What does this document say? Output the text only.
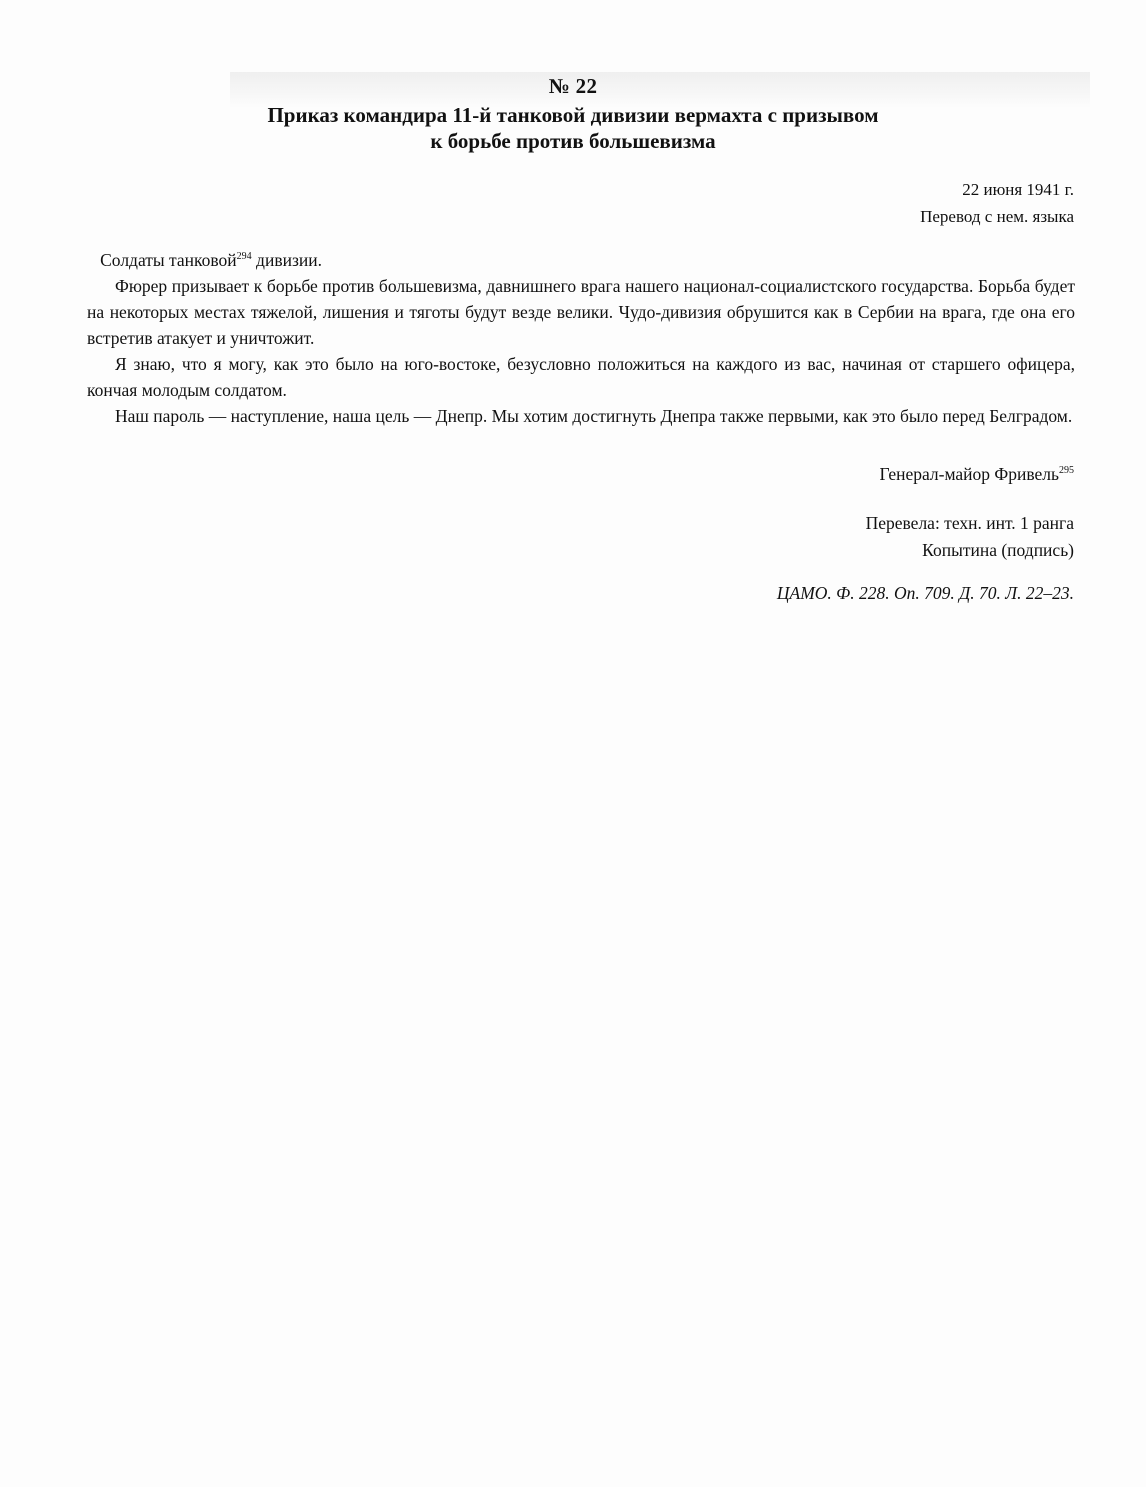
№ 22
Приказ командира 11-й танковой дивизии вермахта с призывом
к борьбе против большевизма
22 июня 1941 г.
Перевод с нем. языка

Солдаты танковой$^{294}$ дивизии.

Фюрер призывает к борьбе против большевизма, давнишнего врага нашего национал-социалистского государства. Борьба будет на некоторых местах тяжелой, лишения и тяготы будут везде велики. Чудо-дивизия обрушится как в Сербии на врага, где она его встретив атакует и уничтожит.

Я знаю, что я могу, как это было на юго-востоке, безусловно положиться на каждого из вас, начиная от старшего офицера, кончая молодым солдатом.

Наш пароль — наступление, наша цель — Днепр. Мы хотим достигнуть Днепра также первыми, как это было перед Белградом.

Генерал-майор Фривель$^{295}$
Перевела: техн. инт. 1 ранга
Копытина (подпись)
ЦАМО. Ф. 228. Оп. 709. Д. 70. Л. 22–23.
